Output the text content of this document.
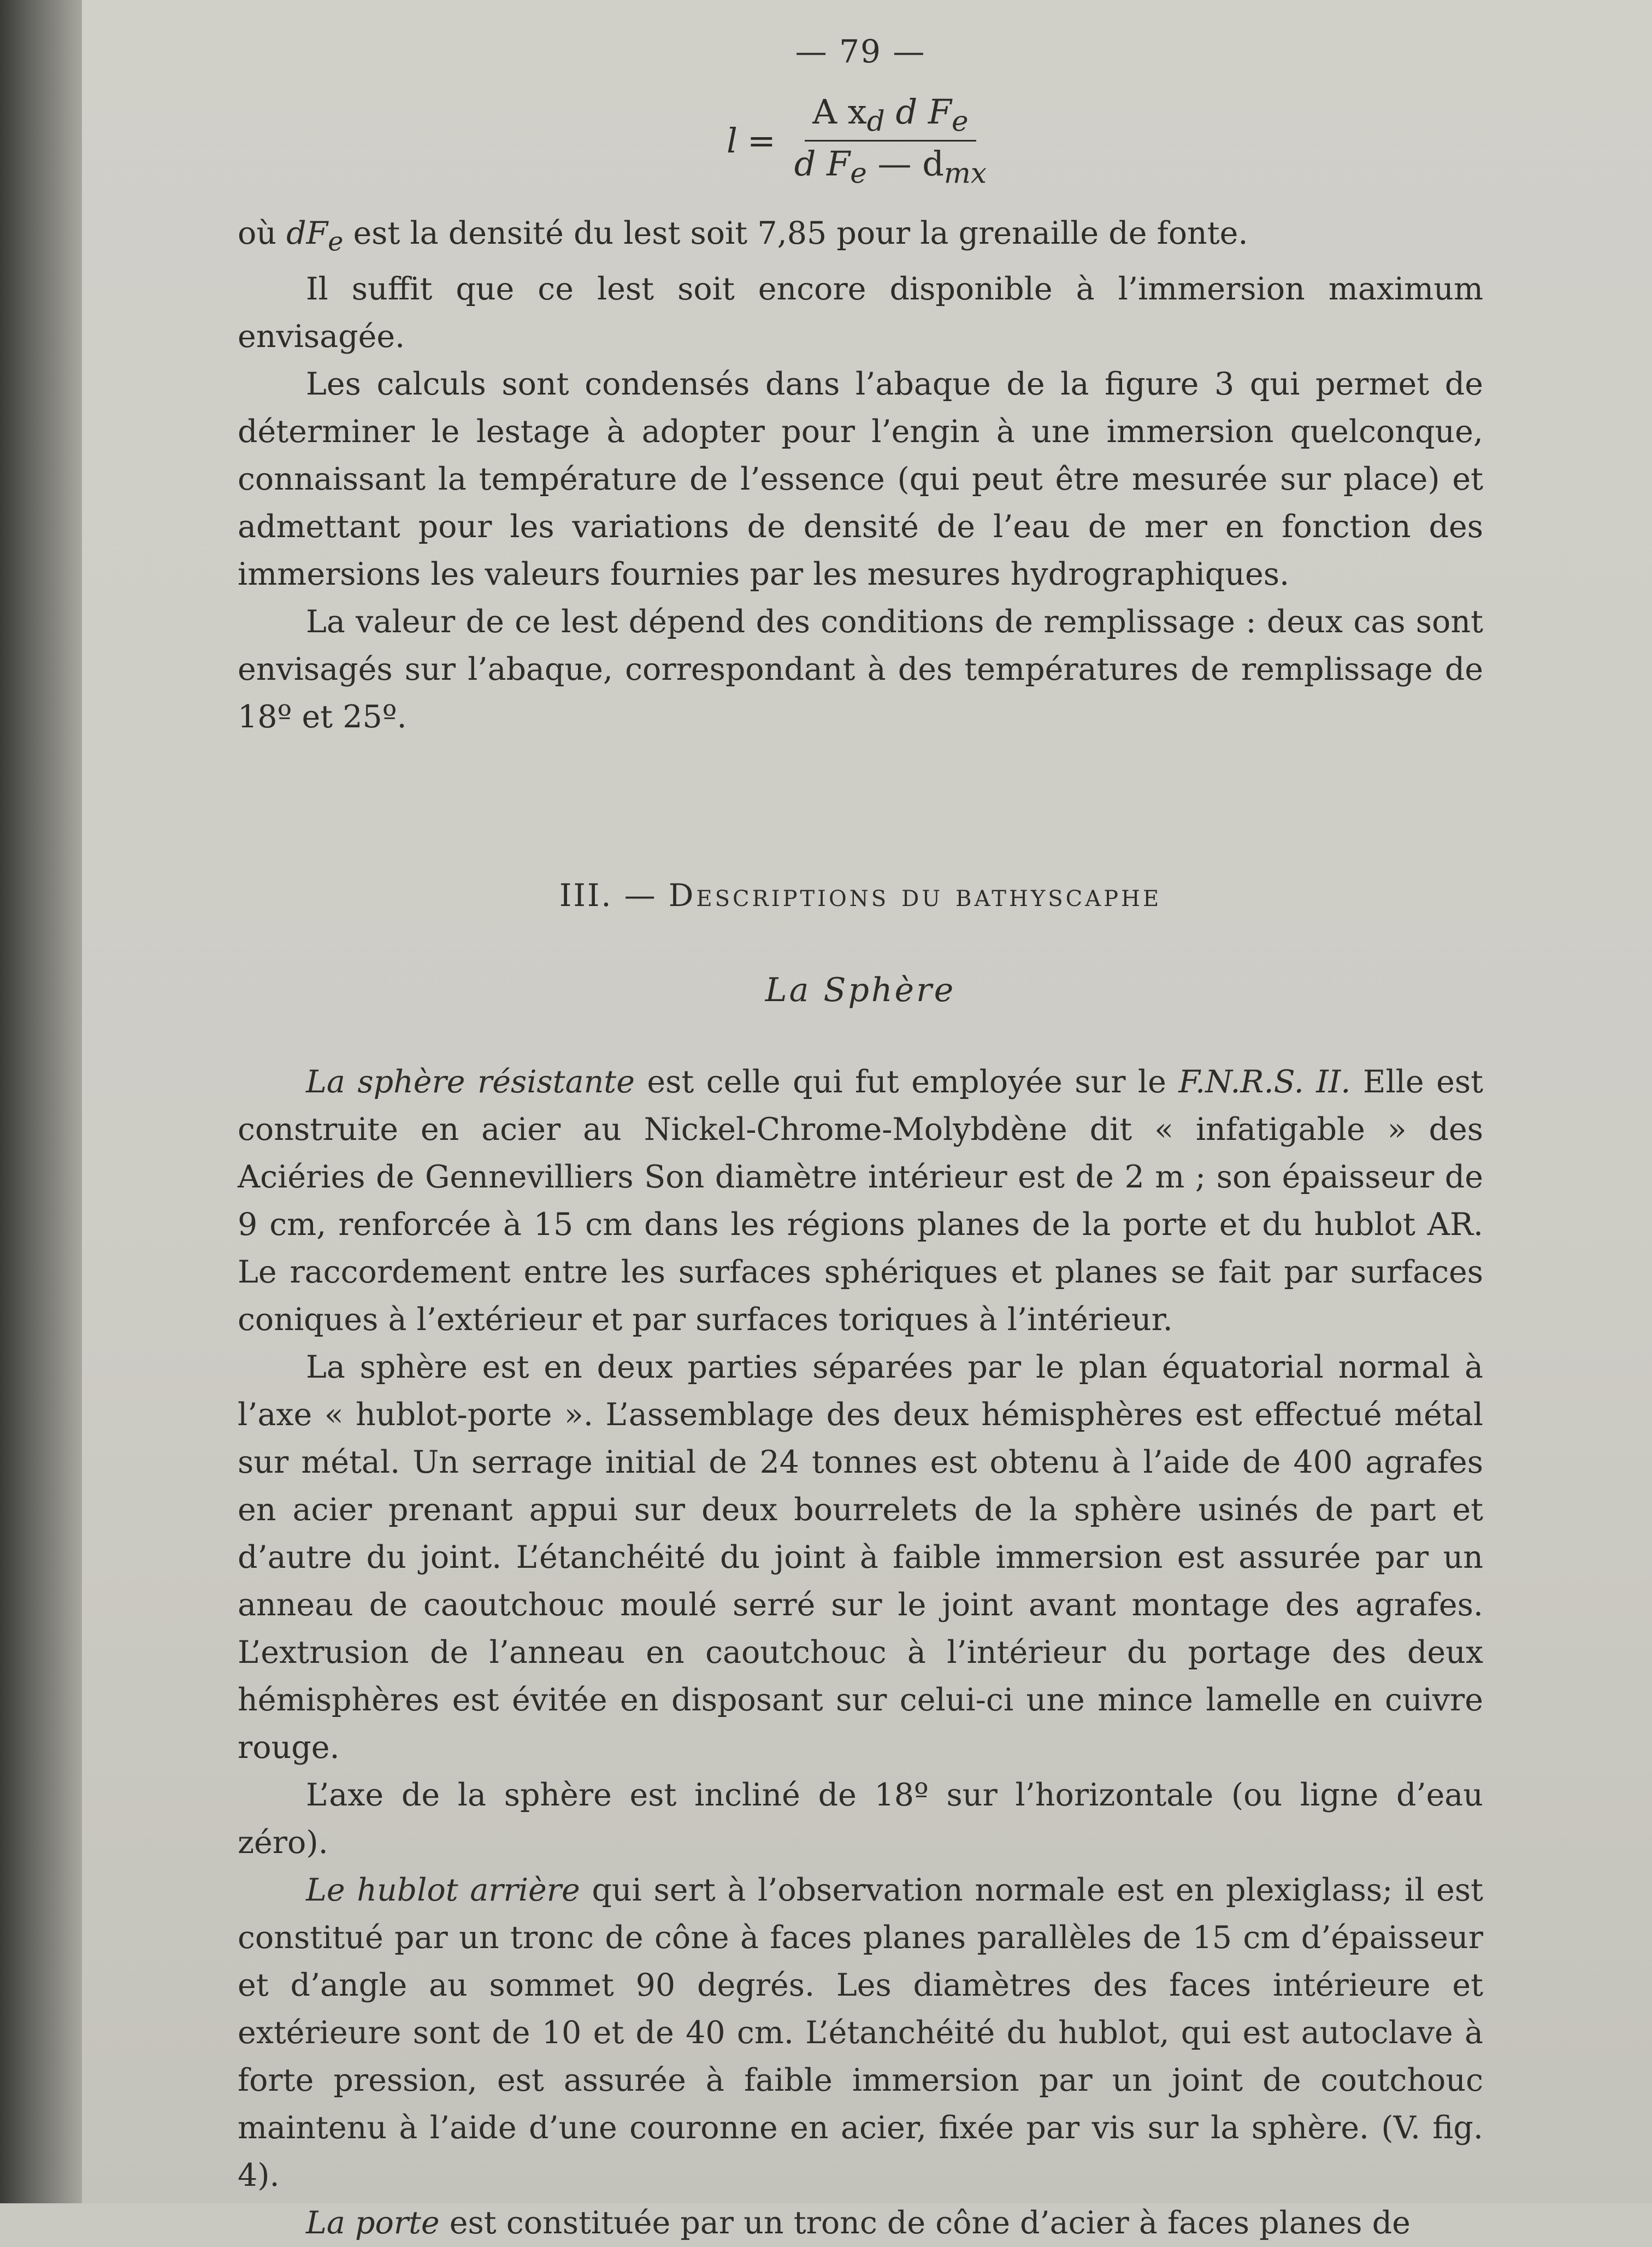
— 79 —
$l = \frac{A x_d d F_e}{d F_e — d_{mx}}$

où $dF_e$ est la densité du lest soit 7,85 pour la grenaille de fonte.

Il suffit que ce lest soit encore disponible à l’immersion maximum envisagée.

Les calculs sont condensés dans l’abaque de la figure 3 qui permet de déterminer le lestage à adopter pour l’engin à une immersion quelconque, connaissant la température de l’essence (qui peut être mesurée sur place) et admettant pour les variations de densité de l’eau de mer en fonction des immersions les valeurs fournies par les mesures hydrographiques.

La valeur de ce lest dépend des conditions de remplissage : deux cas sont envisagés sur l’abaque, correspondant à des températures de remplissage de 18º et 25º.

III. — Descriptions du bathyscaphe
La Sphère

La sphère résistante est celle qui fut employée sur le F.N.R.S. II. Elle est construite en acier au Nickel-Chrome-Molybdène dit « infatigable » des Aciéries de Gennevilliers Son diamètre intérieur est de 2 m ; son épaisseur de 9 cm, renforcée à 15 cm dans les régions planes de la porte et du hublot AR. Le raccordement entre les surfaces sphériques et planes se fait par surfaces coniques à l’extérieur et par surfaces toriques à l’intérieur.

La sphère est en deux parties séparées par le plan équatorial normal à l’axe « hublot-porte ». L’assemblage des deux hémisphères est effectué métal sur métal. Un serrage initial de 24 tonnes est obtenu à l’aide de 400 agrafes en acier prenant appui sur deux bourrelets de la sphère usinés de part et d’autre du joint. L’étanchéité du joint à faible immersion est assurée par un anneau de caoutchouc moulé serré sur le joint avant montage des agrafes. L’extrusion de l’anneau en caoutchouc à l’intérieur du portage des deux hémisphères est évitée en disposant sur celui-ci une mince lamelle en cuivre rouge.

L’axe de la sphère est incliné de 18º sur l’horizontale (ou ligne d’eau zéro).

Le hublot arrière qui sert à l’observation normale est en plexiglass; il est constitué par un tronc de cône à faces planes parallèles de 15 cm d’épaisseur et d’angle au sommet 90 degrés. Les diamètres des faces intérieure et extérieure sont de 10 et de 40 cm. L’étanchéité du hublot, qui est autoclave à forte pression, est assurée à faible immersion par un joint de coutchouc maintenu à l’aide d’une couronne en acier, fixée par vis sur la sphère. (V. fig. 4).

La porte est constituée par un tronc de cône d’acier à faces planes de
